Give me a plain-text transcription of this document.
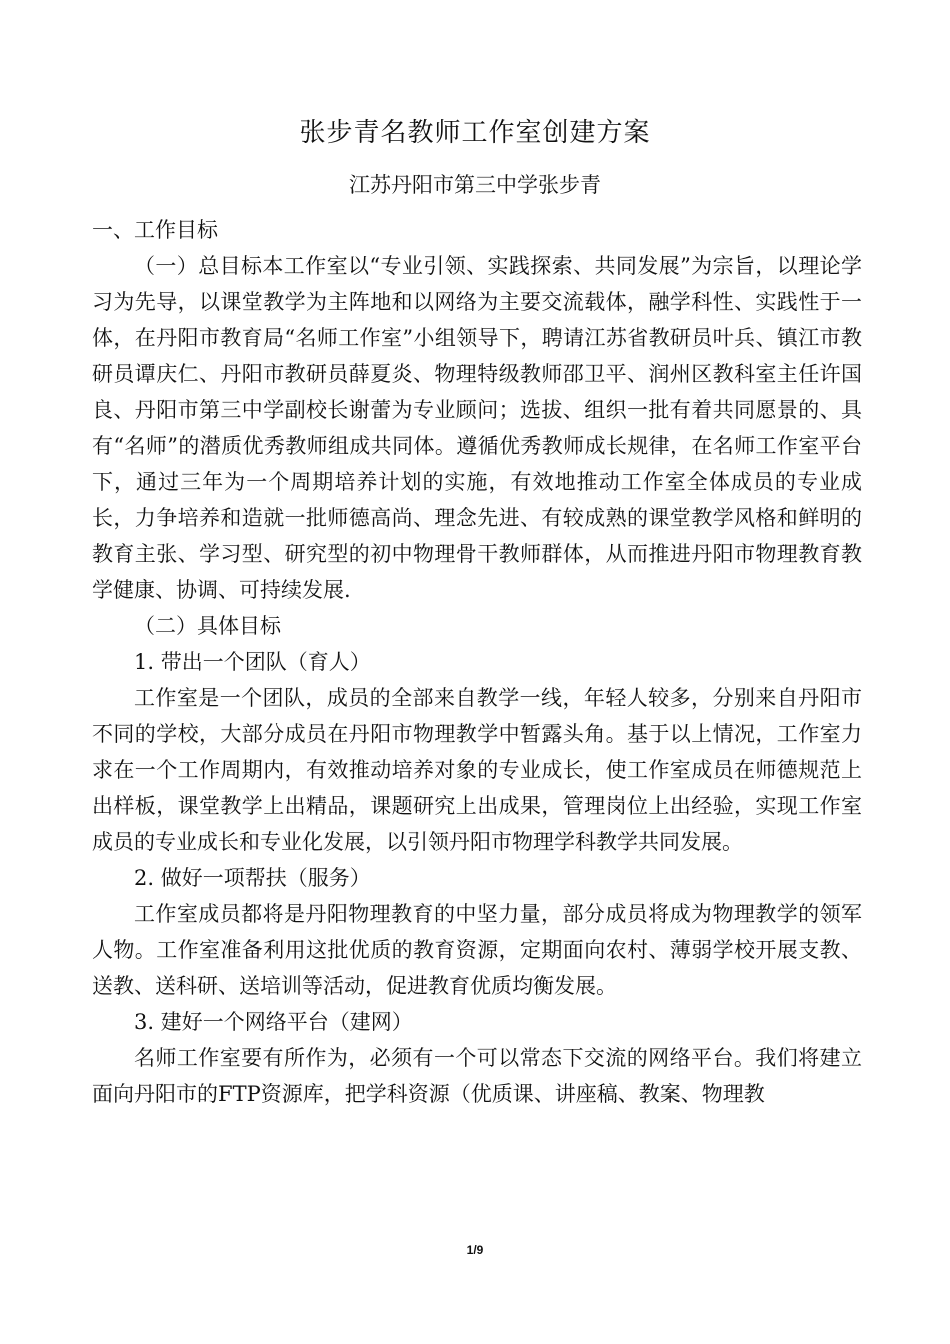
张步青名教师工作室创建方案
江苏丹阳市第三中学张步青

一、工作目标

（一）总目标本工作室以“专业引领、实践探索、共同发展”为宗旨，以理论学习为先导，以课堂教学为主阵地和以网络为主要交流载体，融学科性、实践性于一体，在丹阳市教育局“名师工作室”小组领导下，聘请江苏省教研员叶兵、镇江市教研员谭庆仁、丹阳市教研员薛夏炎、物理特级教师邵卫平、润州区教科室主任许国良、丹阳市第三中学副校长谢蕾为专业顾问；选拔、组织一批有着共同愿景的、具有“名师”的潜质优秀教师组成共同体。遵循优秀教师成长规律，在名师工作室平台下，通过三年为一个周期培养计划的实施，有效地推动工作室全体成员的专业成长，力争培养和造就一批师德高尚、理念先进、有较成熟的课堂教学风格和鲜明的教育主张、学习型、研究型的初中物理骨干教师群体，从而推进丹阳市物理教育教学健康、协调、可持续发展.

（二）具体目标

1. 带出一个团队（育人）

工作室是一个团队，成员的全部来自教学一线，年轻人较多，分别来自丹阳市不同的学校，大部分成员在丹阳市物理教学中暂露头角。基于以上情况，工作室力求在一个工作周期内，有效推动培养对象的专业成长，使工作室成员在师德规范上出样板，课堂教学上出精品，课题研究上出成果，管理岗位上出经验，实现工作室成员的专业成长和专业化发展，以引领丹阳市物理学科教学共同发展。

2. 做好一项帮扶（服务）

工作室成员都将是丹阳物理教育的中坚力量，部分成员将成为物理教学的领军人物。工作室准备利用这批优质的教育资源，定期面向农村、薄弱学校开展支教、送教、送科研、送培训等活动，促进教育优质均衡发展。

3. 建好一个网络平台（建网）

名师工作室要有所作为，必须有一个可以常态下交流的网络平台。我们将建立面向丹阳市的FTP资源库，把学科资源（优质课、讲座稿、教案、物理教

1/9
